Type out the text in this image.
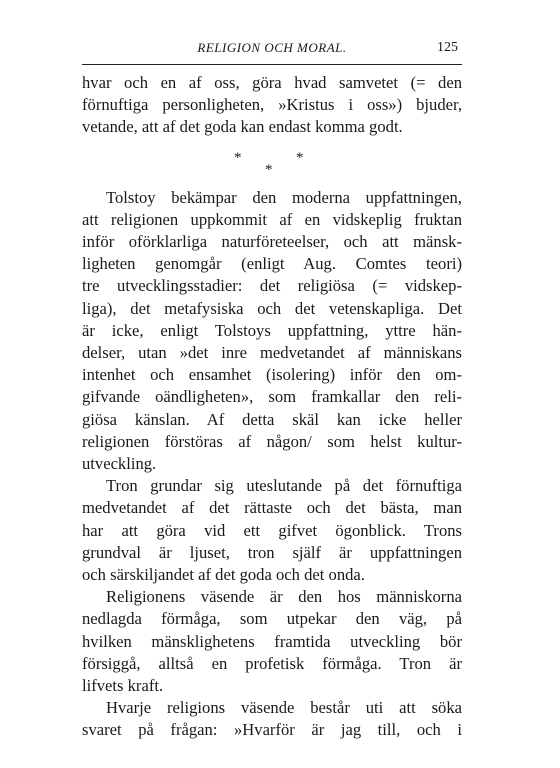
RELIGION OCH MORAL.	125
hvar och en af oss, göra hvad samvetet (= den
förnuftiga personligheten, »Kristus i oss») bjuder,
vetande, att af det goda kan endast komma godt.
*
*
*
Tolstoy bekämpar den moderna uppfattningen,
att religionen uppkommit af en vidskeplig fruktan
inför oförklarliga naturföreteelser, och att mänsk-
ligheten genomgår (enligt Aug. Comtes teori)
tre utvecklingsstadier: det religiösa (= vidskep-
liga), det metafysiska och det vetenskapliga. Det
är icke, enligt Tolstoys uppfattning, yttre hän-
delser, utan »det inre medvetandet af människans
intenhet och ensamhet (isolering) inför den om-
gifvande oändligheten», som framkallar den reli-
giösa känslan. Af detta skäl kan icke heller
religionen förstöras af någon/ som helst kultur-
utveckling.
Tron grundar sig uteslutande på det förnuftiga
medvetandet af det rättaste och det bästa, man
har att göra vid ett gifvet ögonblick. Trons
grundval är ljuset, tron själf är uppfattningen
och särskiljandet af det goda och det onda.
Religionens väsende är den hos människorna
nedlagda förmåga, som utpekar den väg, på
hvilken mänsklighetens framtida utveckling bör
försiggå, alltså en profetisk förmåga. Tron är
lifvets kraft.
Hvarje religions väsende består uti att söka
svaret på frågan: »Hvarför är jag till, och i
